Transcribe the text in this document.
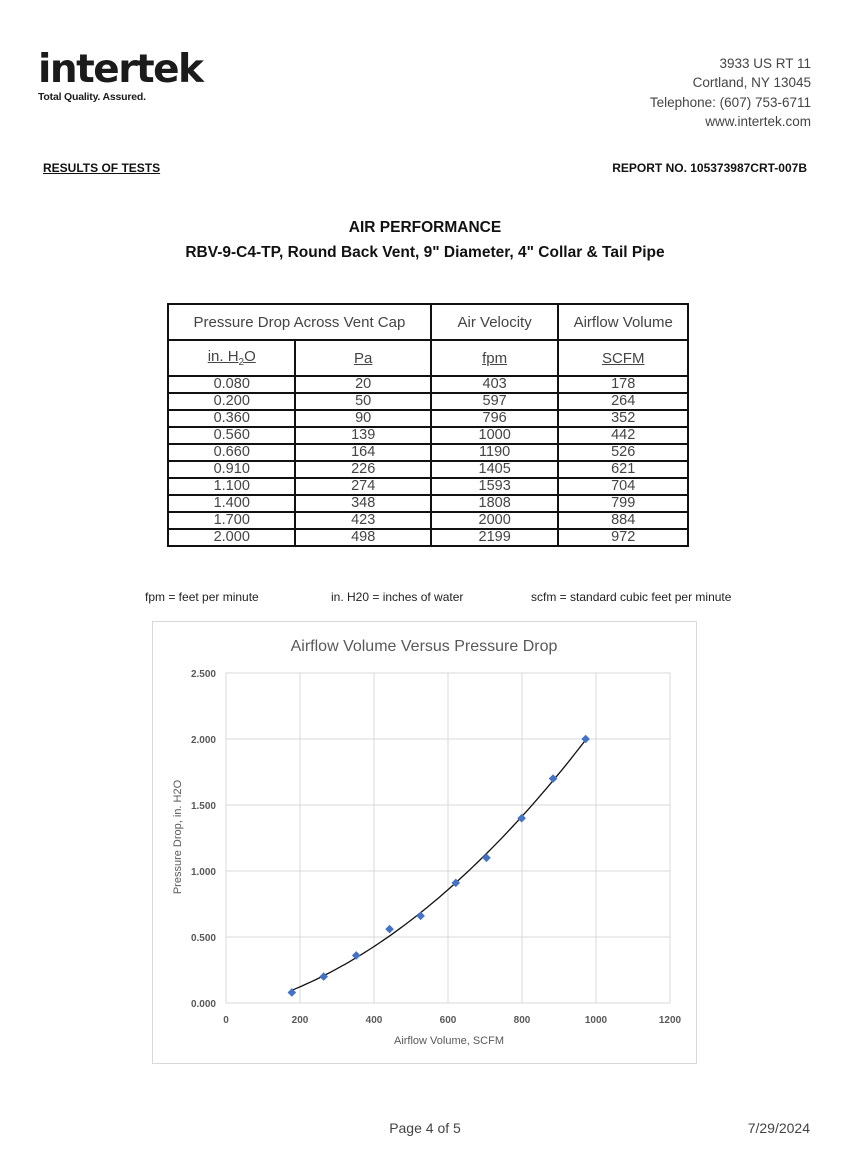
intertek
Total Quality. Assured.
3933 US RT 11
Cortland, NY 13045
Telephone: (607) 753-6711
www.intertek.com
RESULTS OF TESTS	REPORT NO. 105373987CRT-007B
AIR PERFORMANCE
RBV-9-C4-TP, Round Back Vent, 9" Diameter, 4" Collar & Tail Pipe
Pressure Drop Across Vent Cap		Air Velocity	Airflow Volume
in. $H_2O$	Pa	fpm	SCFM
0.080	20	403	178
0.200	50	597	264
0.360	90	796	352
0.560	139	1000	442
0.660	164	1190	526
0.910	226	1405	621
1.100	274	1593	704
1.400	348	1808	799
1.700	423	2000	884
2.000	498	2199	972
fpm = feet per minute	in. H20 = inches of water	scfm = standard cubic feet per minute
Airflow Volume Versus Pressure Drop
0.000
0.500
1.000
1.500
2.000
2.500
0	200	400	600	800	1000	1200
Airflow Volume, SCFM
Pressure Drop, in. H2O
Page 4 of 5	7/29/2024
